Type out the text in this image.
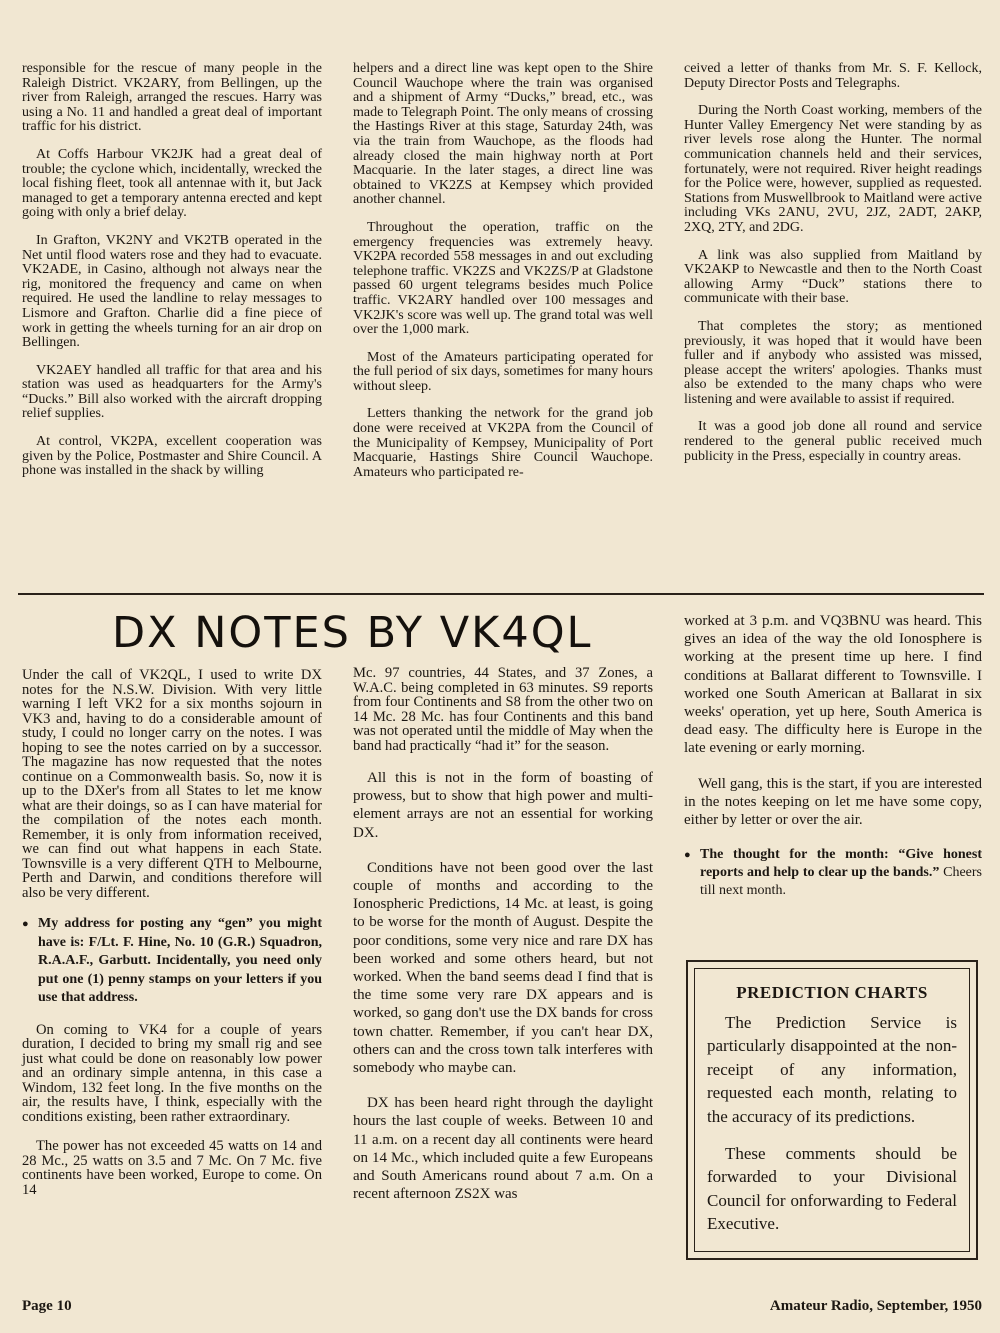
responsible for the rescue of many people in the Raleigh District. VK2ARY, from Bellingen, up the river from Raleigh, arranged the rescues. Harry was using a No. 11 and handled a great deal of important traffic for his district.

At Coffs Harbour VK2JK had a great deal of trouble; the cyclone which, incidentally, wrecked the local fishing fleet, took all antennae with it, but Jack managed to get a temporary antenna erected and kept going with only a brief delay.

In Grafton, VK2NY and VK2TB operated in the Net until flood waters rose and they had to evacuate. VK2ADE, in Casino, although not always near the rig, monitored the frequency and came on when required. He used the landline to relay messages to Lismore and Grafton. Charlie did a fine piece of work in getting the wheels turning for an air drop on Bellingen.

VK2AEY handled all traffic for that area and his station was used as headquarters for the Army's “Ducks.” Bill also worked with the aircraft dropping relief supplies.

At control, VK2PA, excellent cooperation was given by the Police, Postmaster and Shire Council. A phone was installed in the shack by willing

helpers and a direct line was kept open to the Shire Council Wauchope where the train was organised and a shipment of Army “Ducks,” bread, etc., was made to Telegraph Point. The only means of crossing the Hastings River at this stage, Saturday 24th, was via the train from Wauchope, as the floods had already closed the main highway north at Port Macquarie. In the later stages, a direct line was obtained to VK2ZS at Kempsey which provided another channel.

Throughout the operation, traffic on the emergency frequencies was extremely heavy. VK2PA recorded 558 messages in and out excluding telephone traffic. VK2ZS and VK2ZS/P at Gladstone passed 60 urgent telegrams besides much Police traffic. VK2ARY handled over 100 messages and VK2JK's score was well up. The grand total was well over the 1,000 mark.

Most of the Amateurs participating operated for the full period of six days, sometimes for many hours without sleep.

Letters thanking the network for the grand job done were received at VK2PA from the Council of the Municipality of Kempsey, Municipality of Port Macquarie, Hastings Shire Council Wauchope. Amateurs who participated re-

ceived a letter of thanks from Mr. S. F. Kellock, Deputy Director Posts and Telegraphs.

During the North Coast working, members of the Hunter Valley Emergency Net were standing by as river levels rose along the Hunter. The normal communication channels held and their services, fortunately, were not required. River height readings for the Police were, however, supplied as requested. Stations from Muswellbrook to Maitland were active including VKs 2ANU, 2VU, 2JZ, 2ADT, 2AKP, 2XQ, 2TY, and 2DG.

A link was also supplied from Maitland by VK2AKP to Newcastle and then to the North Coast allowing Army “Duck” stations there to communicate with their base.

That completes the story; as mentioned previously, it was hoped that it would have been fuller and if anybody who assisted was missed, please accept the writers' apologies. Thanks must also be extended to the many chaps who were listening and were available to assist if required.

It was a good job done all round and service rendered to the general public received much publicity in the Press, especially in country areas.

DX NOTES BY VK4QL

Under the call of VK2QL, I used to write DX notes for the N.S.W. Division. With very little warning I left VK2 for a six months sojourn in VK3 and, having to do a considerable amount of study, I could no longer carry on the notes. I was hoping to see the notes carried on by a successor. The magazine has now requested that the notes continue on a Commonwealth basis. So, now it is up to the DXer's from all States to let me know what are their doings, so as I can have material for the compilation of the notes each month. Remember, it is only from information received, we can find out what happens in each State. Townsville is a very different QTH to Melbourne, Perth and Darwin, and conditions therefore will also be very different.

● My address for posting any “gen” you might have is: F/Lt. F. Hine, No. 10 (G.R.) Squadron, R.A.A.F., Garbutt. Incidentally, you need only put one (1) penny stamps on your letters if you use that address.

On coming to VK4 for a couple of years duration, I decided to bring my small rig and see just what could be done on reasonably low power and an ordinary simple antenna, in this case a Windom, 132 feet long. In the five months on the air, the results have, I think, especially with the conditions existing, been rather extraordinary.

The power has not exceeded 45 watts on 14 and 28 Mc., 25 watts on 3.5 and 7 Mc. On 7 Mc. five continents have been worked, Europe to come. On 14

Mc. 97 countries, 44 States, and 37 Zones, a W.A.C. being completed in 63 minutes. S9 reports from four Continents and S8 from the other two on 14 Mc. 28 Mc. has four Continents and this band was not operated until the middle of May when the band had practically “had it” for the season.

All this is not in the form of boasting of prowess, but to show that high power and multi-element arrays are not an essential for working DX.

Conditions have not been good over the last couple of months and according to the Ionospheric Predictions, 14 Mc. at least, is going to be worse for the month of August. Despite the poor conditions, some very nice and rare DX has been worked and some others heard, but not worked. When the band seems dead I find that is the time some very rare DX appears and is worked, so gang don't use the DX bands for cross town chatter. Remember, if you can't hear DX, others can and the cross town talk interferes with somebody who maybe can.

DX has been heard right through the daylight hours the last couple of weeks. Between 10 and 11 a.m. on a recent day all continents were heard on 14 Mc., which included quite a few Europeans and South Americans round about 7 a.m. On a recent afternoon ZS2X was

worked at 3 p.m. and VQ3BNU was heard. This gives an idea of the way the old Ionosphere is working at the present time up here. I find conditions at Ballarat different to Townsville. I worked one South American at Ballarat in six weeks' operation, yet up here, South America is dead easy. The difficulty here is Europe in the late evening or early morning.

Well gang, this is the start, if you are interested in the notes keeping on let me have some copy, either by letter or over the air.

● The thought for the month: “Give honest reports and help to clear up the bands.” Cheers till next month.

PREDICTION CHARTS

The Prediction Service is particularly disappointed at the non-receipt of any information, requested each month, relating to the accuracy of its predictions.

These comments should be forwarded to your Divisional Council for onforwarding to Federal Executive.

Page 10	Amateur Radio, September, 1950
